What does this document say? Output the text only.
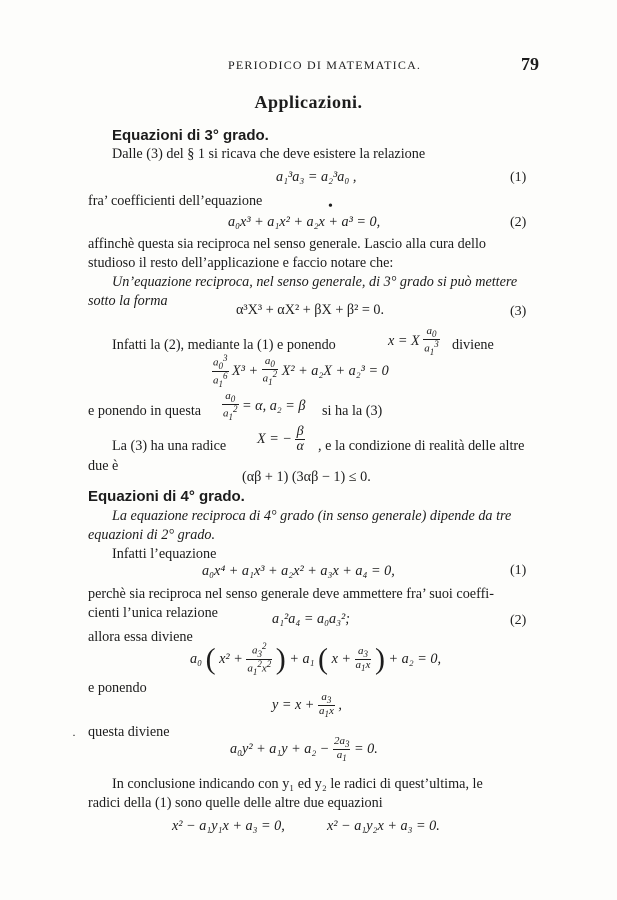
PERIODICO DI MATEMATICA.	79
Applicazioni.
Equazioni di 3° grado.
Dalle (3) del § 1 si ricava che deve esistere la relazione
a₁³a₃ = a₂³a₀ ,	(1)
fra’ coefficienti dell’equazione	•
a₀x³ + a₁x² + a₂x + a³ = 0,	(2)
affinchè questa sia reciproca nel senso generale. Lascio alla cura dello
studioso il resto dell’applicazione e faccio notare che:
Un’equazione reciproca, nel senso generale, di 3° grado si può mettere
sotto la forma
α³X³ + αX² + βX + β² = 0.	(3)
Infatti la (2), mediante la (1) e ponendo	x = X $\frac{a_0}{a_1^3}$ diviene
$\frac{a_0^3}{a_1^6} X^3 + \frac{a_0}{a_1^2} X^2 + a_2X + a_2^3 = 0$
e ponendo in questa $\frac{a_0}{a_1^2} = \alpha$, a₂ = β si ha la (3)
La (3) ha una radice X = − $\frac{\beta}{\alpha}$ , e la condizione di realità delle altre
due è
(αβ + 1) (3αβ − 1) ≤ 0.
Equazioni di 4° grado.
La equazione reciproca di 4° grado (in senso generale) dipende da tre
equazioni di 2° grado.
Infatti l’equazione
a₀x⁴ + a₁x³ + a₂x² + a₃x + a₄ = 0,	(1)
perchè sia reciproca nel senso generale deve ammettere fra’ suoi coeffi-
cienti l’unica relazione	a₁²a₄ = a₀a₃²;	(2)
allora essa diviene
a₀ ( $x^2 + \frac{a_3^2}{a_1^2x^2}$ ) + a₁ ( $x + \frac{a_3}{a_1x}$ ) + a₂ = 0,
e ponendo
$y = x + \frac{a_3}{a_1x}$ ,
· questa diviene
$a_0y^2 + a_1y + a_2 - \frac{2a_3}{a_1} = 0$.
In conclusione indicando con y₁ ed y₂ le radici di quest’ultima, le
radici della (1) sono quelle delle altre due equazioni
x² − a₁y₁x + a₃ = 0,	x² − a₁y₂x + a₃ = 0.
